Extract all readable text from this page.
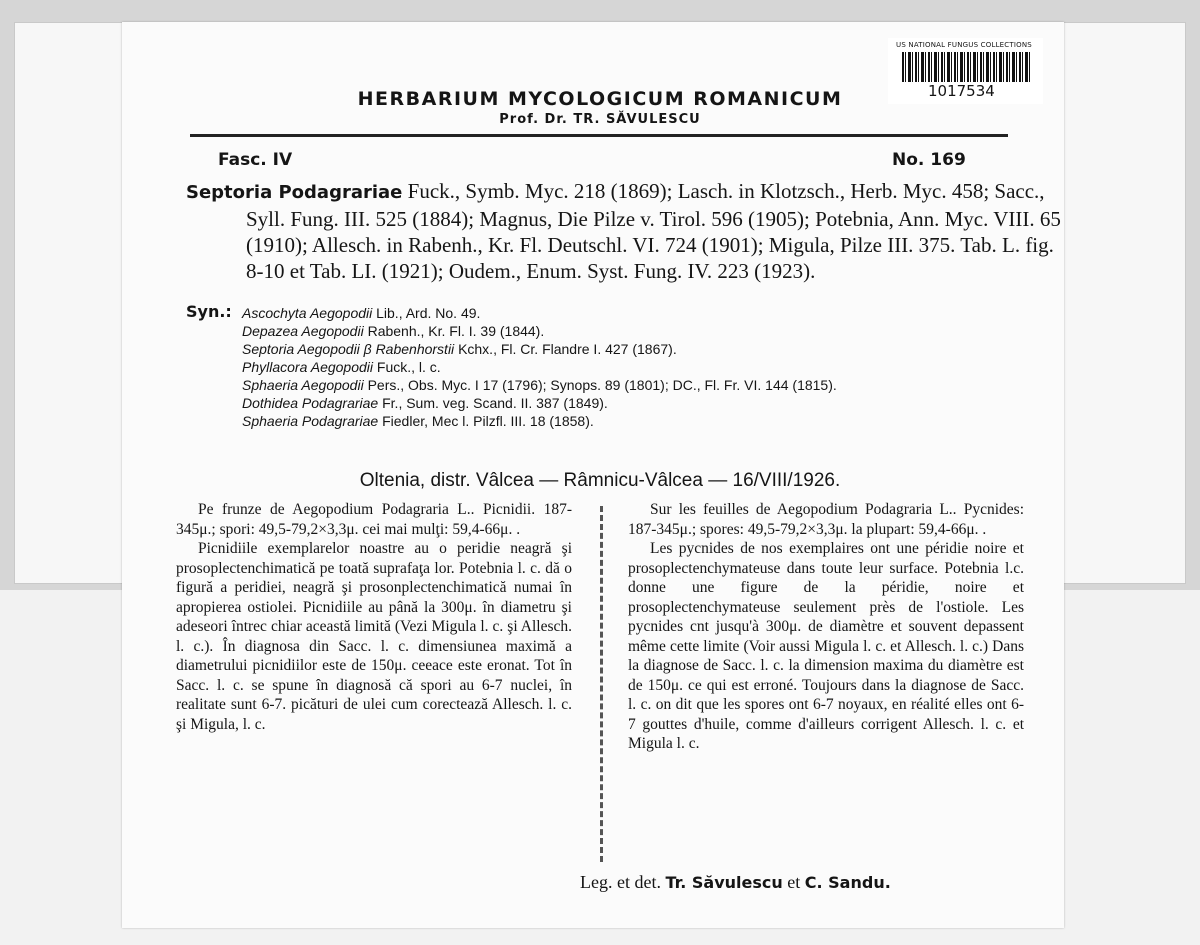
US NATIONAL FUNGUS COLLECTIONS
1017534
HERBARIUM MYCOLOGICUM ROMANICUM
Prof. Dr. TR. SĂVULESCU
Fasc. IV	No. 169
Septoria Podagrariae Fuck., Symb. Myc. 218 (1869); Lasch. in Klotzsch., Herb. Myc. 458; Sacc., Syll. Fung. III. 525 (1884); Magnus, Die Pilze v. Tirol. 596 (1905); Potebnia, Ann. Myc. VIII. 65 (1910); Allesch. in Rabenh., Kr. Fl. Deutschl. VI. 724 (1901); Migula, Pilze III. 375. Tab. L. fig. 8-10 et Tab. LI. (1921); Oudem., Enum. Syst. Fung. IV. 223 (1923).
Syn.: Ascochyta Aegopodii Lib., Ard. No. 49.
Depazea Aegopodii Rabenh., Kr. Fl. I. 39 (1844).
Septoria Aegopodii β Rabenhorstii Kchx., Fl. Cr. Flandre I. 427 (1867).
Phyllacora Aegopodii Fuck., l. c.
Sphaeria Aegopodii Pers., Obs. Myc. I 17 (1796); Synops. 89 (1801); DC., Fl. Fr. VI. 144 (1815).
Dothidea Podagrariae Fr., Sum. veg. Scand. II. 387 (1849).
Sphaeria Podagrariae Fiedler, Mec l. Pilzfl. III. 18 (1858).
Oltenia, distr. Vâlcea — Râmnicu-Vâlcea — 16/VIII/1926.

Pe frunze de Aegopodium Podagraria L.. Picnidii. 187-345μ.; spori: 49,5-79,2×3,3μ. cei mai mulţi: 59,4-66μ. .

Picnidiile exemplarelor noastre au o peridie neagră şi prosoplectenchimatică pe toată suprafaţa lor. Potebnia l. c. dă o figură a peridiei, neagră şi prosonplectenchimatică numai în apropierea ostiolei. Picnidiile au până la 300μ. în diametru şi adeseori întrec chiar această limită (Vezi Migula l. c. şi Allesch. l. c.). În diagnosa din Sacc. l. c. dimensiunea maximă a diametrului picnidiilor este de 150μ. ceeace este eronat. Tot în Sacc. l. c. se spune în diagnosă că spori au 6-7 nuclei, în realitate sunt 6-7. picături de ulei cum corectează Allesch. l. c. şi Migula, l. c.

Sur les feuilles de Aegopodium Podagraria L.. Pycnides: 187-345μ.; spores: 49,5-79,2×3,3μ. la plupart: 59,4-66μ. .

Les pycnides de nos exemplaires ont une péridie noire et prosoplectenchymateuse dans toute leur surface. Potebnia l.c. donne une figure de la péridie, noire et prosoplectenchymateuse seulement près de l'ostiole. Les pycnides cnt jusqu'à 300μ. de diamètre et souvent depassent même cette limite (Voir aussi Migula l. c. et Allesch. l. c.) Dans la diagnose de Sacc. l. c. la dimension maxima du diamètre est de 150μ. ce qui est erroné. Toujours dans la diagnose de Sacc. l. c. on dit que les spores ont 6-7 noyaux, en réalité elles ont 6-7 gouttes d'huile, comme d'ailleurs corrigent Allesch. l. c. et Migula l. c.

Leg. et det. Tr. Săvulescu et C. Sandu.
